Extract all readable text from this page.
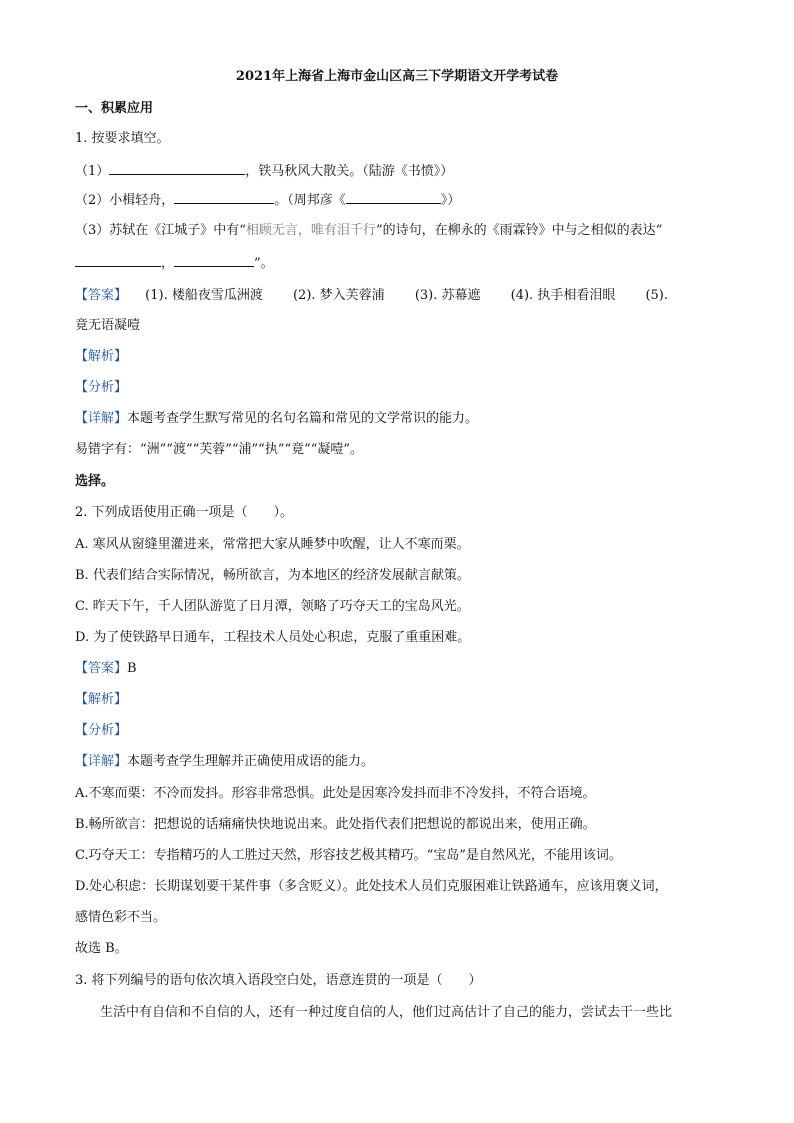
2021年上海省上海市金山区高三下学期语文开学考试卷
一、积累应用
1. 按要求填空。
（1）	，铁马秋风大散关。（陆游《书愤》）
（2）小楫轻舟，	。（周邦彦《	》）
（3）苏轼在《江城子》中有“相顾无言，唯有泪千行”的诗句，在柳永的《雨霖铃》中与之相似的表达“
，	”。
【答案】 (1). 楼船夜雪瓜洲渡 (2). 梦入芙蓉浦 (3). 苏幕遮 (4). 执手相看泪眼 (5).
竟无语凝噎
【解析】
【分析】
【详解】本题考查学生默写常见的名句名篇和常见的文学常识的能力。
易错字有：“洲”“渡”“芙蓉”“浦”“执”“竟”“凝噎”。
选择。
2. 下列成语使用正确一项是（　　）。
A. 寒风从窗缝里灌进来，常常把大家从睡梦中吹醒，让人不寒而栗。
B. 代表们结合实际情况，畅所欲言，为本地区的经济发展献言献策。
C. 昨天下午，千人团队游览了日月潭，领略了巧夺天工的宝岛风光。
D. 为了使铁路早日通车，工程技术人员处心积虑，克服了重重困难。
【答案】B
【解析】
【分析】
【详解】本题考查学生理解并正确使用成语的能力。
A.不寒而栗：不冷而发抖。形容非常恐惧。此处是因寒冷发抖而非不冷发抖，不符合语境。
B.畅所欲言：把想说的话痛痛快快地说出来。此处指代表们把想说的都说出来，使用正确。
C.巧夺天工：专指精巧的人工胜过天然，形容技艺极其精巧。“宝岛”是自然风光，不能用该词。
D.处心积虑：长期谋划要干某件事（多含贬义）。此处技术人员们克服困难让铁路通车，应该用褒义词，
感情色彩不当。
故选 B。
3. 将下列编号的语句依次填入语段空白处，语意连贯的一项是（　　）
生活中有自信和不自信的人，还有一种过度自信的人，他们过高估计了自己的能力，尝试去干一些比
